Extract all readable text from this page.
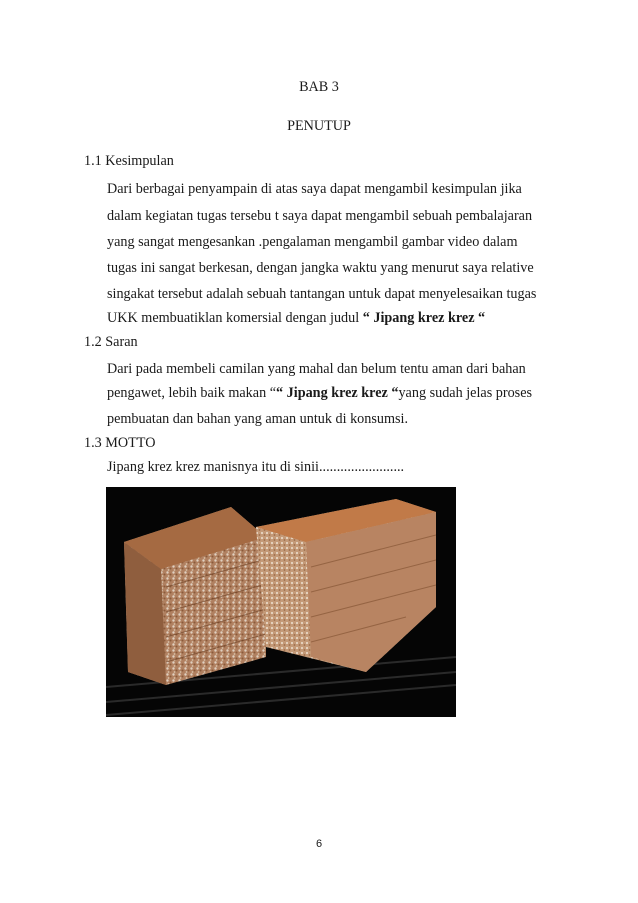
BAB 3
PENUTUP
1.1 Kesimpulan
Dari berbagai penyampain di atas saya dapat mengambil kesimpulan jika
dalam kegiatan tugas tersebu t saya dapat mengambil sebuah pembalajaran
yang sangat mengesankan .pengalaman mengambil gambar video dalam
tugas ini sangat berkesan, dengan jangka waktu yang menurut saya relative
singakat tersebut adalah sebuah tantangan untuk dapat menyelesaikan tugas
UKK membuatiklan komersial dengan judul “ Jipang krez krez “
1.2 Saran
Dari pada membeli camilan yang mahal dan belum tentu aman dari bahan
pengawet, lebih baik makan ““ Jipang krez krez “yang sudah jelas proses
pembuatan dan bahan yang aman untuk di konsumsi.
1.3 MOTTO
Jipang krez krez manisnya itu di sinii........................
6
